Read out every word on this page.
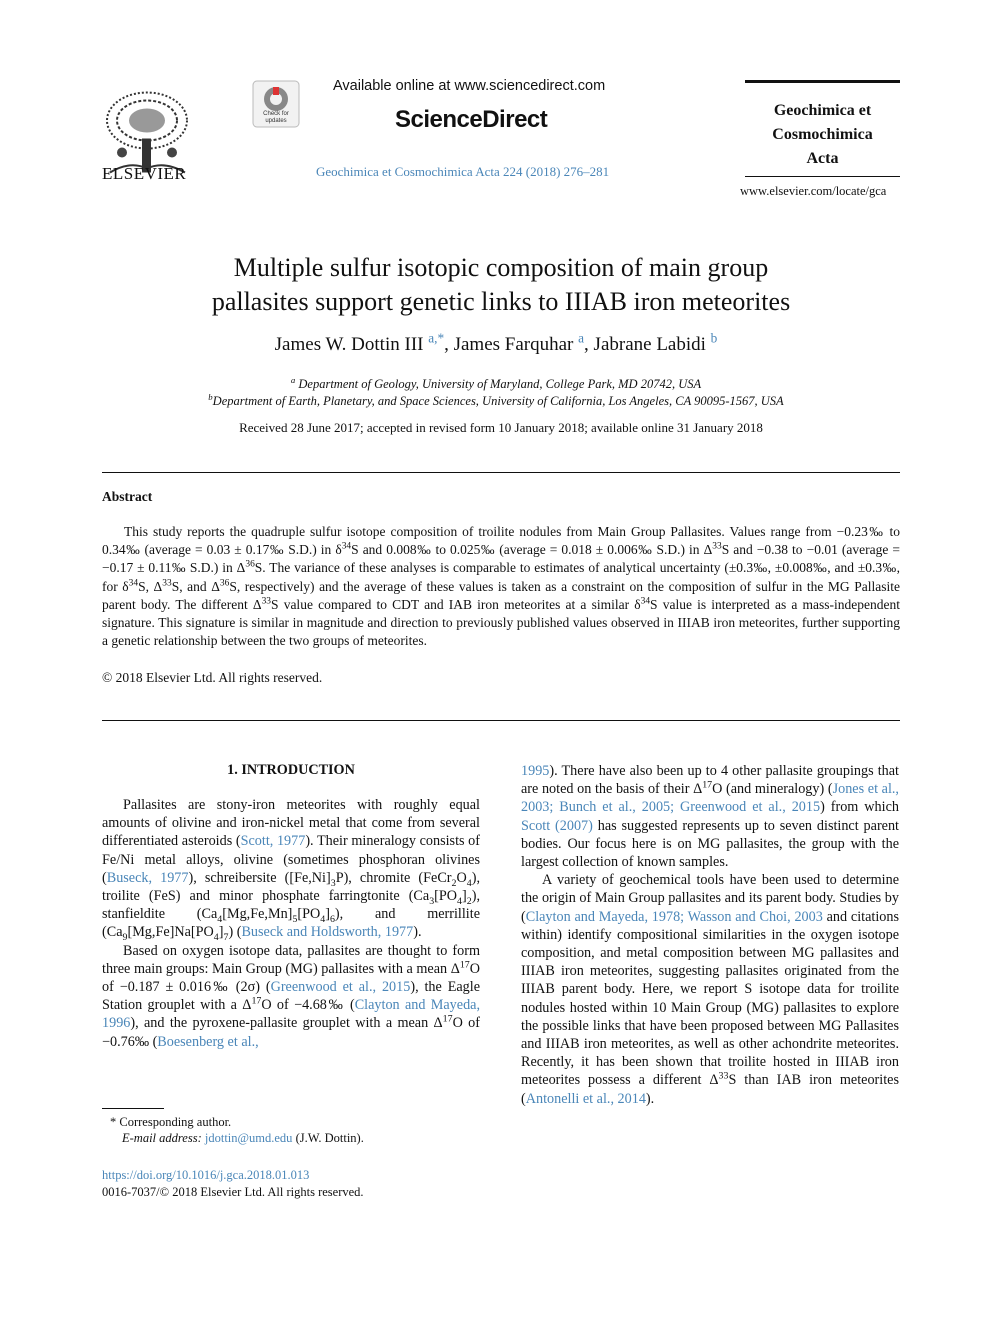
ELSEVIER
Check for
updates
Available online at www.sciencedirect.com
ScienceDirect
Geochimica et Cosmochimica Acta 224 (2018) 276–281
Geochimica et
Cosmochimica
Acta
www.elsevier.com/locate/gca
Multiple sulfur isotopic composition of main group
pallasites support genetic links to IIIAB iron meteorites
James W. Dottin III $^{a,*}$, James Farquhar $^a$, Jabrane Labidi $^b$
$^a$ Department of Geology, University of Maryland, College Park, MD 20742, USA
$^b$Department of Earth, Planetary, and Space Sciences, University of California, Los Angeles, CA 90095-1567, USA
Received 28 June 2017; accepted in revised form 10 January 2018; available online 31 January 2018
Abstract
This study reports the quadruple sulfur isotope composition of troilite nodules from Main Group Pallasites. Values range from −0.23‰ to 0.34‰ (average = 0.03 ± 0.17‰ S.D.) in $\delta^{34}S$ and 0.008‰ to 0.025‰ (average = 0.018 ± 0.006‰ S.D.) in $\Delta^{33}S$ and −0.38 to −0.01 (average = −0.17 ± 0.11‰ S.D.) in $\Delta^{36}S$. The variance of these analyses is comparable to estimates of analytical uncertainty (±0.3‰, ±0.008‰, and ±0.3‰, for $\delta^{34}S$, $\Delta^{33}S$, and $\Delta^{36}S$, respectively) and the average of these values is taken as a constraint on the composition of sulfur in the MG Pallasite parent body. The different $\Delta^{33}S$ value compared to CDT and IAB iron meteorites at a similar $\delta^{34}S$ value is interpreted as a mass-independent signature. This signature is similar in magnitude and direction to previously published values observed in IIIAB iron meteorites, further supporting a genetic relationship between the two groups of meteorites.
© 2018 Elsevier Ltd. All rights reserved.
1. INTRODUCTION

Pallasites are stony-iron meteorites with roughly equal amounts of olivine and iron-nickel metal that come from several differentiated asteroids (Scott, 1977). Their mineralogy consists of Fe/Ni metal alloys, olivine (sometimes phosphoran olivines (Buseck, 1977), schreibersite $([Fe,Ni]_3P)$, chromite $(FeCr_2O_4)$, troilite (FeS) and minor phosphate farringtonite $(Ca_3[PO_4]_2)$, stanfieldite $(Ca_4[Mg,Fe,Mn]_5[PO_4]_6)$, and merrillite $(Ca_9[Mg,Fe]Na[PO_4]_7)$ (Buseck and Holdsworth, 1977).

Based on oxygen isotope data, pallasites are thought to form three main groups: Main Group (MG) pallasites with a mean $\Delta^{17}O$ of −0.187 ± 0.016‰ (2σ) (Greenwood et al., 2015), the Eagle Station grouplet with a $\Delta^{17}O$ of −4.68‰ (Clayton and Mayeda, 1996), and the pyroxene-pallasite grouplet with a mean $\Delta^{17}O$ of −0.76‰ (Boesenberg et al.,

1995). There have also been up to 4 other pallasite groupings that are noted on the basis of their $\Delta^{17}O$ (and mineralogy) (Jones et al., 2003; Bunch et al., 2005; Greenwood et al., 2015) from which Scott (2007) has suggested represents up to seven distinct parent bodies. Our focus here is on MG pallasites, the group with the largest collection of known samples.

A variety of geochemical tools have been used to determine the origin of Main Group pallasites and its parent body. Studies by (Clayton and Mayeda, 1978; Wasson and Choi, 2003 and citations within) identify compositional similarities in the oxygen isotope composition, and metal composition between MG pallasites and IIIAB iron meteorites, suggesting pallasites originated from the IIIAB parent body. Here, we report S isotope data for troilite nodules hosted within 10 Main Group (MG) pallasites to explore the possible links that have been proposed between MG Pallasites and IIIAB iron meteorites, as well as other achondrite meteorites. Recently, it has been shown that troilite hosted in IIIAB iron meteorites possess a different $\Delta^{33}S$ than IAB iron meteorites (Antonelli et al., 2014).

* Corresponding author.
E-mail address: jdottin@umd.edu (J.W. Dottin).
https://doi.org/10.1016/j.gca.2018.01.013
0016-7037/© 2018 Elsevier Ltd. All rights reserved.
